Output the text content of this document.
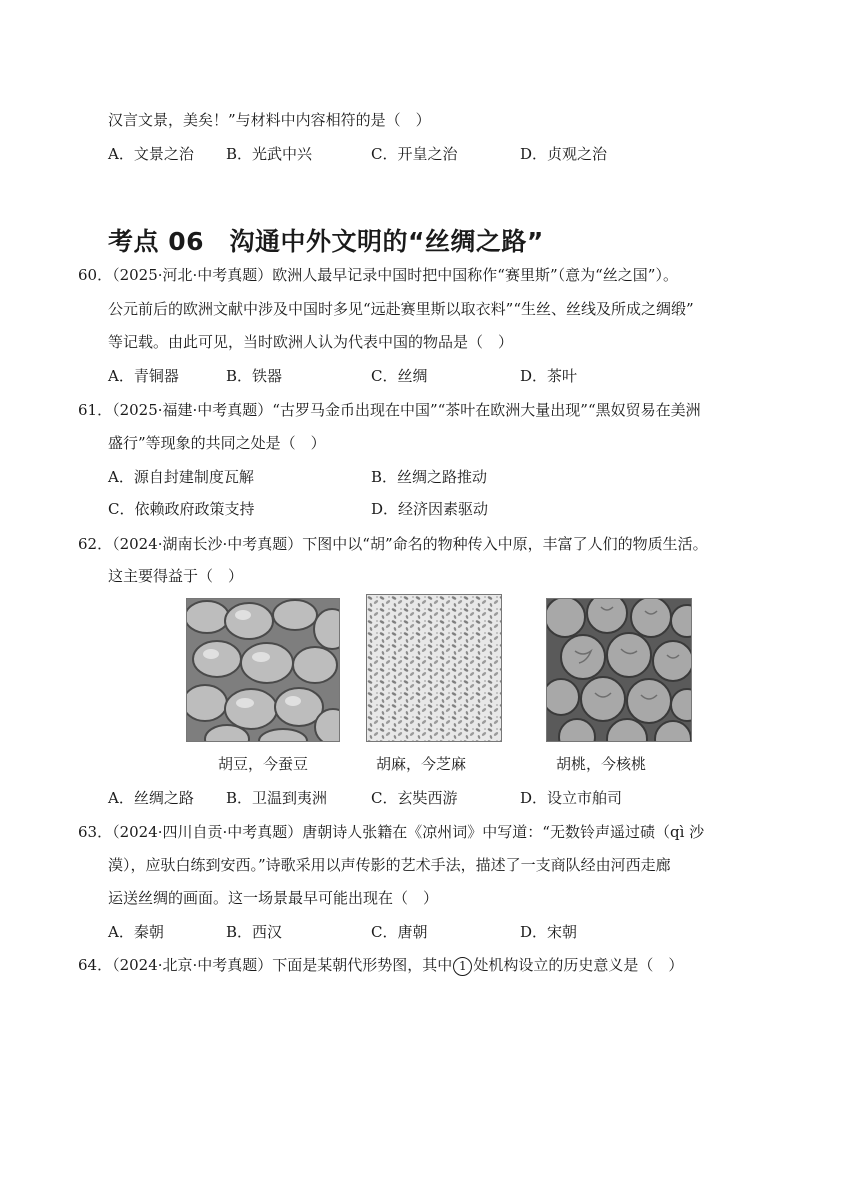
汉言文景，美矣！”与材料中内容相符的是（　）
A．文景之治 B．光武中兴	C．开皇之治	D．贞观之治
考点 06　沟通中外文明的“丝绸之路”
60．（2025·河北·中考真题）欧洲人最早记录中国时把中国称作“赛里斯”（意为“丝之国”）。
公元前后的欧洲文献中涉及中国时多见“远赴赛里斯以取衣料”“生丝、丝线及所成之绸缎”
等记载。由此可见，当时欧洲人认为代表中国的物品是（　）
A．青铜器	B．铁器	C．丝绸	D．茶叶
61．（2025·福建·中考真题）“古罗马金币出现在中国”“茶叶在欧洲大量出现”“黑奴贸易在美洲
盛行”等现象的共同之处是（　）
A．源自封建制度瓦解	B．丝绸之路推动
C．依赖政府政策支持	D．经济因素驱动
62．（2024·湖南长沙·中考真题）下图中以“胡”命名的物种传入中原，丰富了人们的物质生活。
这主要得益于（　）
胡豆，今蚕豆	胡麻，今芝麻	胡桃，今核桃
A．丝绸之路 B．卫温到夷洲	C．玄奘西游	D．设立市舶司
63．（2024·四川自贡·中考真题）唐朝诗人张籍在《凉州词》中写道：“无数铃声遥过碛（qì 沙
漠），应驮白练到安西。”诗歌采用以声传影的艺术手法，描述了一支商队经由河西走廊
运送丝绸的画面。这一场景最早可能出现在（　）
A．秦朝	B．西汉	C．唐朝	D．宋朝
64．（2024·北京·中考真题）下面是某朝代形势图，其中 1 处机构设立的历史意义是（　）
